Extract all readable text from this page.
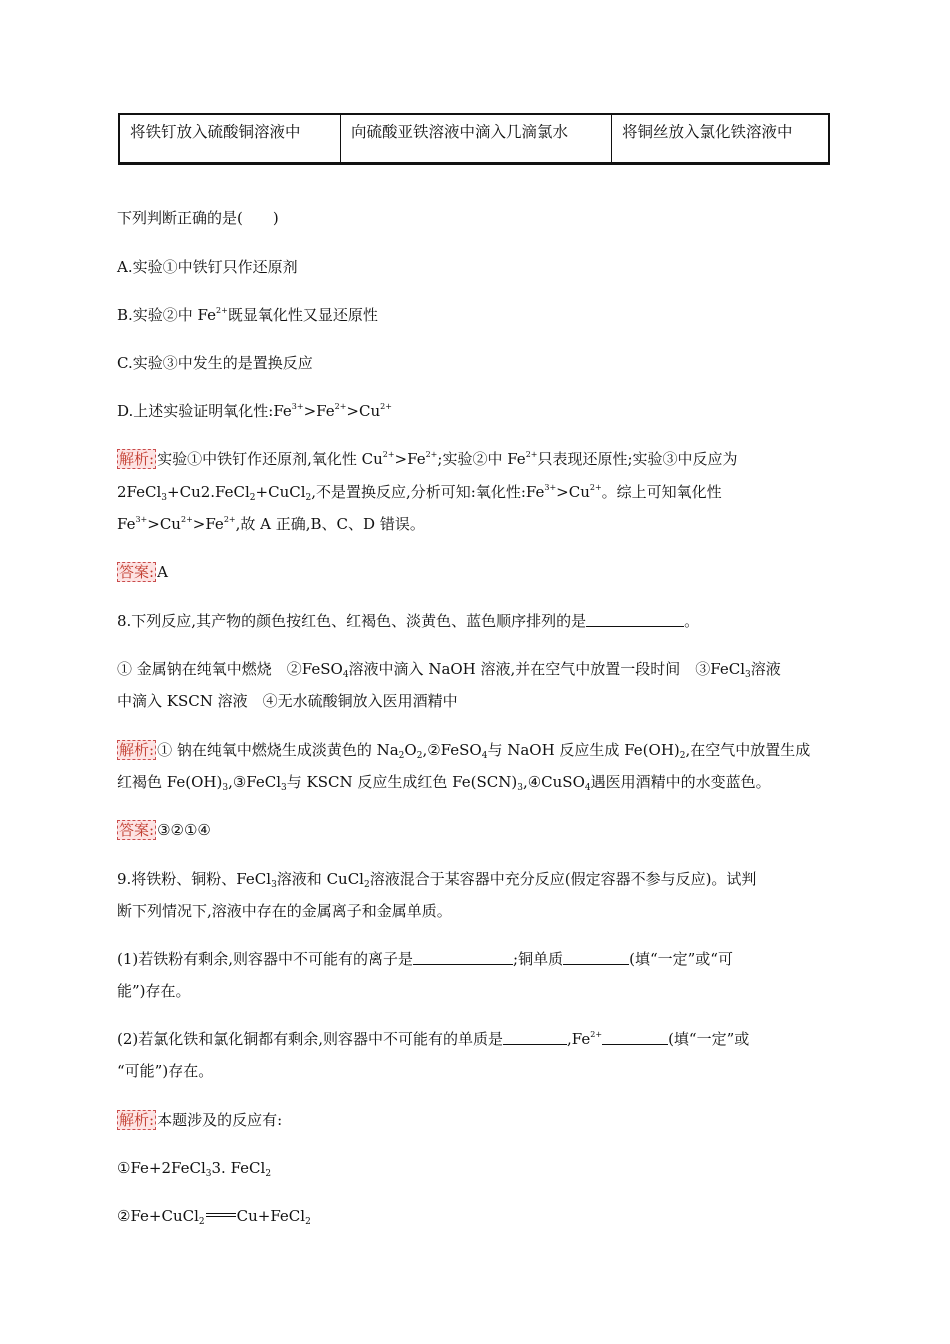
将铁钉放入硫酸铜溶液中	向硫酸亚铁溶液中滴入几滴氯水	将铜丝放入氯化铁溶液中
下列判断正确的是(　　)
A.实验①中铁钉只作还原剂
B.实验②中 $Fe^{2+}$既显氧化性又显还原性
C.实验③中发生的是置换反应
D.上述实验证明氧化性$:Fe^{3+}>Fe^{2+}>Cu^{2+}$
解析: 实验①中铁钉作还原剂,氧化性 $Cu^{2+}>Fe^{2+}$;实验②中 $Fe^{2+}$只表现还原性;实验③中反应为
2FeCl$_3$+Cu2.FeCl$_2$+CuCl$_2$,不是置换反应,分析可知:氧化性$:Fe^{3+}>Cu^{2+}$。综上可知氧化性
$Fe^{3+}>Cu^{2+}>Fe^{2+}$,故 A 正确,B、C、D 错误。
答案: A
8.下列反应,其产物的颜色按红色、红褐色、淡黄色、蓝色顺序排列的是	。
① 金属钠在纯氧中燃烧　②FeSO$_4$溶液中滴入 NaOH 溶液,并在空气中放置一段时间　③FeCl$_3$溶液
中滴入 KSCN 溶液　④无水硫酸铜放入医用酒精中
解析: ① 钠在纯氧中燃烧生成淡黄色的 $Na_2O_2,②FeSO_4$与 NaOH 反应生成 $Fe(OH)_2$,在空气中放置生成
红褐色 $Fe(OH)_3,③FeCl_3$与 KSCN 反应生成红色 $Fe(SCN)_3,④CuSO_4$遇医用酒精中的水变蓝色。
答案: ③②①④
9.将铁粉、铜粉、FeCl$_3$溶液和 CuCl$_2$溶液混合于某容器中充分反应(假定容器不参与反应)。试判
断下列情况下,溶液中存在的金属离子和金属单质。
(1)若铁粉有剩余,则容器中不可能有的离子是	;铜单质	(填“一定”或“可
能”)存在。
(2)若氯化铁和氯化铜都有剩余,则容器中不可能有的单质是	$,Fe^{2+}$	(填“一定”或
“可能”)存在。
解析: 本题涉及的反应有:
①Fe+2FeCl$_3$3. FeCl$_2$
②Fe+CuCl$_2$ Cu+FeCl$_2$
